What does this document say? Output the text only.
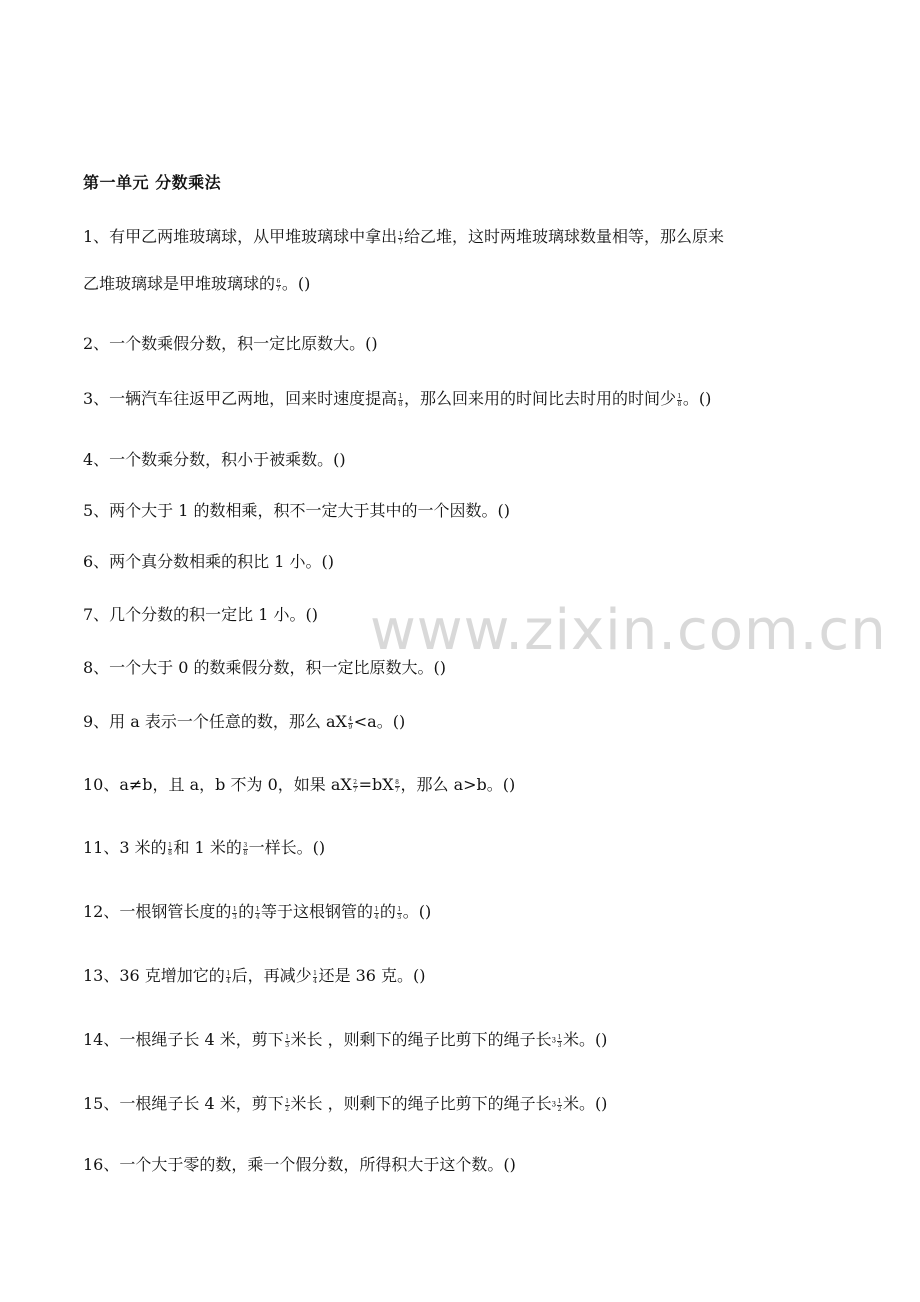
www.zixin.com.cn
第一单元 分数乘法
1、有甲乙两堆玻璃球，从甲堆玻璃球中拿出 $\frac{1}{7}$ 给乙堆，这时两堆玻璃球数量相等，那么原来
乙堆玻璃球是甲堆玻璃球的 $\frac{6}{7}$ 。()
2、一个数乘假分数，积一定比原数大。()
3、一辆汽车往返甲乙两地，回来时速度提高 $\frac{1}{8}$ ，那么回来用的时间比去时用的时间少 $\frac{1}{8}$ 。()
4、一个数乘分数，积小于被乘数。()
5、两个大于 1 的数相乘，积不一定大于其中的一个因数。()
6、两个真分数相乘的积比 1 小。()
7、几个分数的积一定比 1 小。()
8、一个大于 0 的数乘假分数，积一定比原数大。()
9、用 a 表示一个任意的数，那么 aX $\frac{4}{9} <a$。()
10、a≠b，且 a，b 不为 0，如果 aX $\frac{2}{7} =bX \frac{8}{7}$ ，那么 a>b。()
11、3 米的 $\frac{1}{8}$ 和 1 米的 $\frac{3}{8}$ 一样长。()
12、一根钢管长度的 $\frac{1}{3}$ 的 $\frac{1}{4}$ 等于这根钢管的 $\frac{1}{4}$ 的 $\frac{1}{3}$ 。()
13、36 克增加它的 $\frac{1}{4}$ 后，再减少 $\frac{1}{4}$ 还是 36 克。()
14、一根绳子长 4 米，剪下 $\frac{1}{3}$ 米长 ，则剩下的绳子比剪下的绳子长$3 \frac{1}{3}$ 米。()
15、一根绳子长 4 米，剪下 $\frac{1}{2}$ 米长 ，则剩下的绳子比剪下的绳子长$3 \frac{1}{2}$ 米。()
16、一个大于零的数，乘一个假分数，所得积大于这个数。()
